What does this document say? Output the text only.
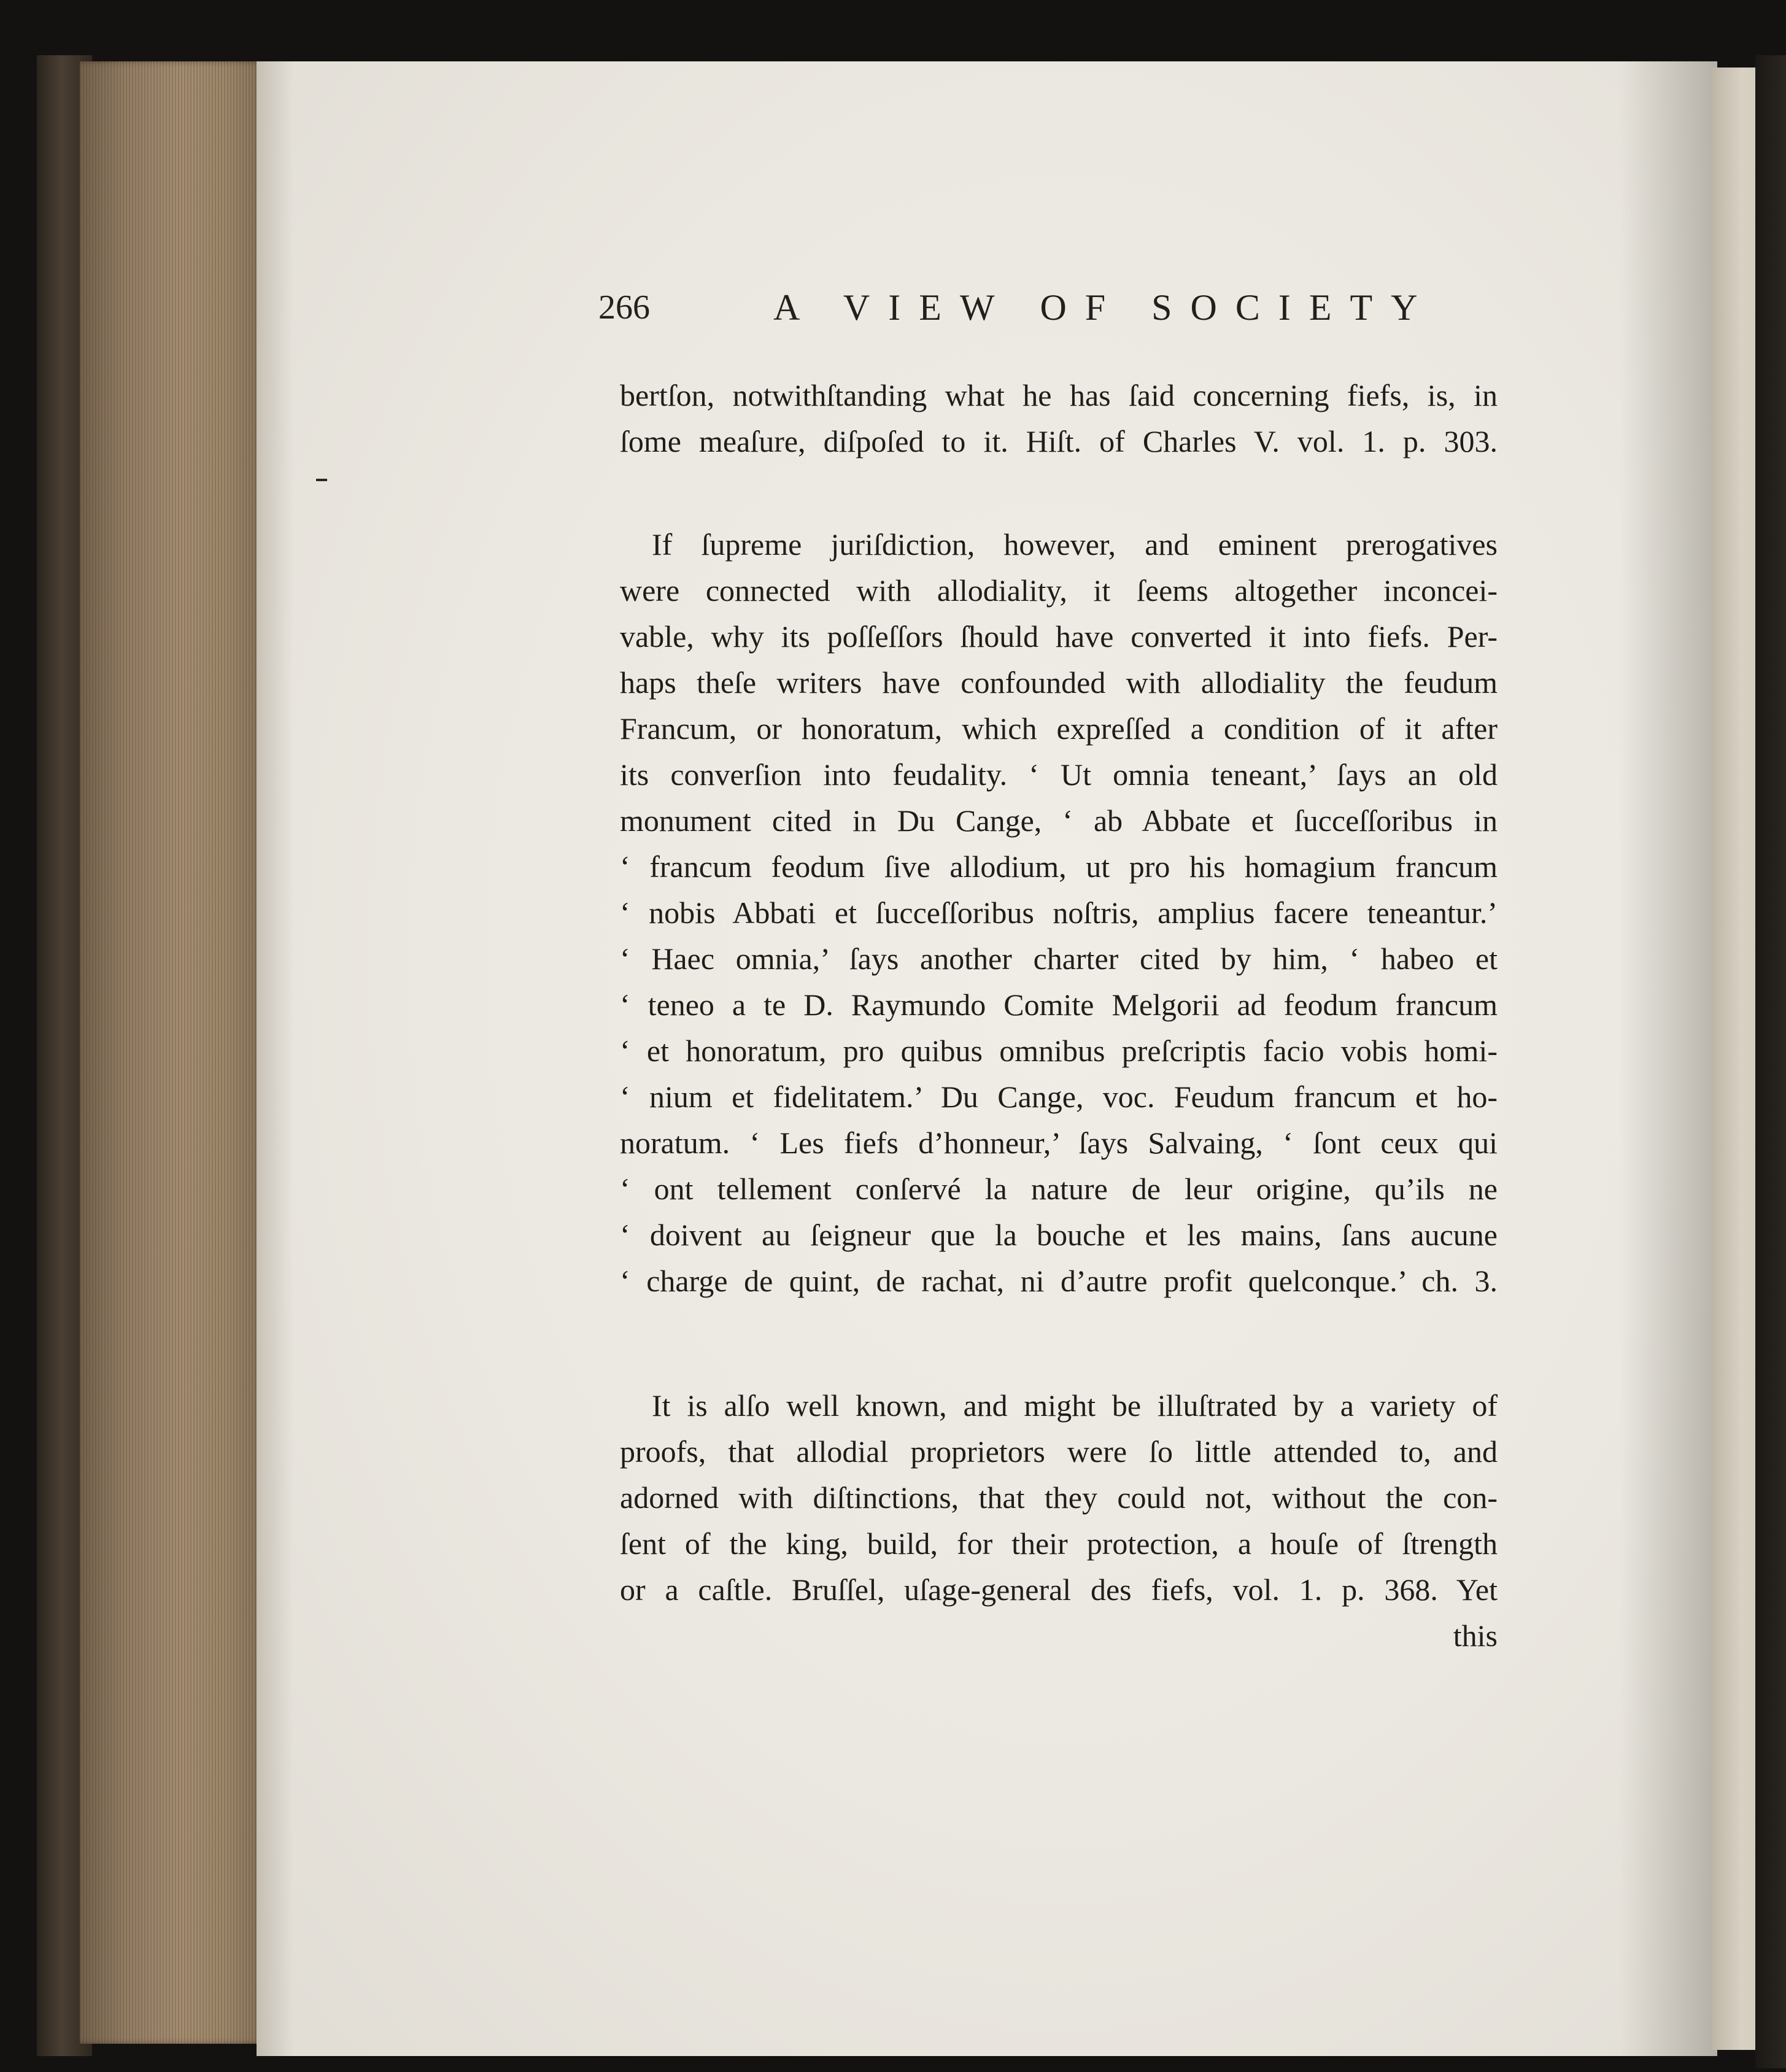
266	A VIEW OF SOCIETY
bertſon, notwithſtanding what he has ſaid concerning fiefs, is, in
ſome meaſure, diſpoſed to it. Hiſt. of Charles V. vol. 1. p. 303.
If ſupreme juriſdiction, however, and eminent prerogatives
were connected with allodiality, it ſeems altogether inconcei-
vable, why its poſſeſſors ſhould have converted it into fiefs. Per-
haps theſe writers have confounded with allodiality the feudum
Francum, or honoratum, which expreſſed a condition of it after
its converſion into feudality. ‘ Ut omnia teneant,’ ſays an old
monument cited in Du Cange, ‘ ab Abbate et ſucceſſoribus in
‘ francum feodum ſive allodium, ut pro his homagium francum
‘ nobis Abbati et ſucceſſoribus noſtris, amplius facere teneantur.’
‘ Haec omnia,’ ſays another charter cited by him, ‘ habeo et
‘ teneo a te D. Raymundo Comite Melgorii ad feodum francum
‘ et honoratum, pro quibus omnibus preſcriptis facio vobis homi-
‘ nium et fidelitatem.’ Du Cange, voc. Feudum francum et ho-
noratum. ‘ Les fiefs d’honneur,’ ſays Salvaing, ‘ ſont ceux qui
‘ ont tellement conſervé la nature de leur origine, qu’ils ne
‘ doivent au ſeigneur que la bouche et les mains, ſans aucune
‘ charge de quint, de rachat, ni d’autre profit quelconque.’ ch. 3.
It is alſo well known, and might be illuſtrated by a variety of
proofs, that allodial proprietors were ſo little attended to, and
adorned with diſtinctions, that they could not, without the con-
ſent of the king, build, for their protection, a houſe of ſtrength
or a caſtle. Bruſſel, uſage-general des fiefs, vol. 1. p. 368. Yet
this
